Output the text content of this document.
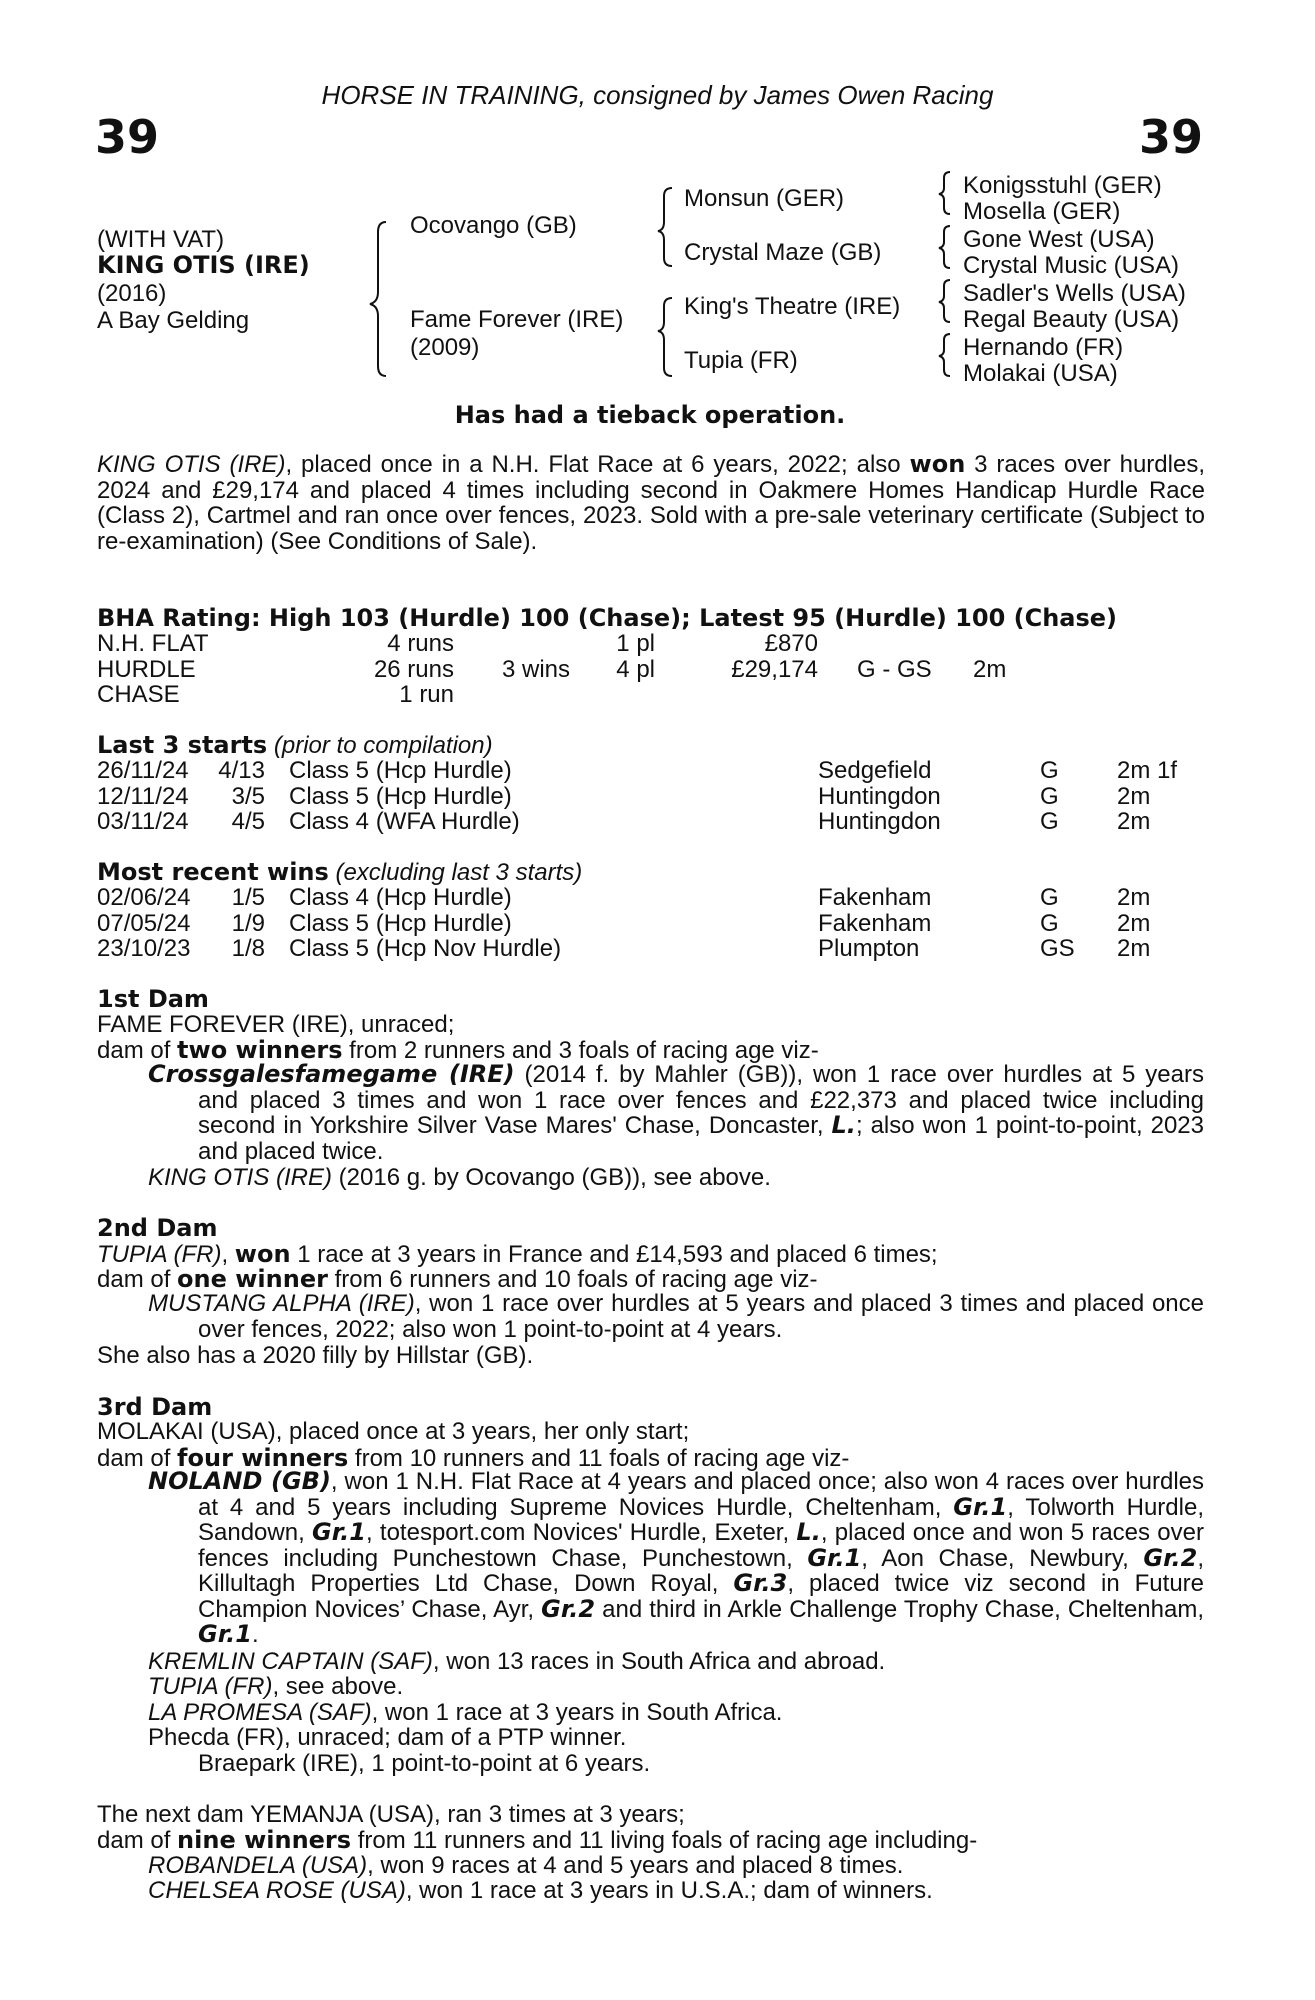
HORSE IN TRAINING, consigned by James Owen Racing
39	39
(WITH VAT)
KING OTIS (IRE)
(2016)
A Bay Gelding
Ocovango (GB)
Fame Forever (IRE)
(2009)
Monsun (GER)
Crystal Maze (GB)
King's Theatre (IRE)
Tupia (FR)
Konigsstuhl (GER)
Mosella (GER)
Gone West (USA)
Crystal Music (USA)
Sadler's Wells (USA)
Regal Beauty (USA)
Hernando (FR)
Molakai (USA)
Has had a tieback operation.
KING OTIS (IRE), placed once in a N.H. Flat Race at 6 years, 2022; also won 3 races over hurdles, 2024 and £29,174 and placed 4 times including second in Oakmere Homes Handicap Hurdle Race (Class 2), Cartmel and ran once over fences, 2023. Sold with a pre-sale veterinary certificate (Subject to re-examination) (See Conditions of Sale).
BHA Rating: High 103 (Hurdle) 100 (Chase); Latest 95 (Hurdle) 100 (Chase)
N.H. FLAT	4 runs	1 pl	£870
HURDLE	26 runs 3 wins 4 pl	£29,174 G - GS 2m
CHASE	1 run
Last 3 starts (prior to compilation)
26/11/24 4/13 Class 5 (Hcp Hurdle)	Sedgefield	G 2m 1f
12/11/24 3/5 Class 5 (Hcp Hurdle)	Huntingdon	G 2m
03/11/24 4/5 Class 4 (WFA Hurdle)	Huntingdon	G 2m
Most recent wins (excluding last 3 starts)
02/06/24 1/5 Class 4 (Hcp Hurdle)	Fakenham	G 2m
07/05/24 1/9 Class 5 (Hcp Hurdle)	Fakenham	G 2m
23/10/23 1/8 Class 5 (Hcp Nov Hurdle)	Plumpton	GS 2m
1st Dam
FAME FOREVER (IRE), unraced;
dam of two winners from 2 runners and 3 foals of racing age viz-
Crossgalesfamegame (IRE) (2014 f. by Mahler (GB)), won 1 race over hurdles at 5 years and placed 3 times and won 1 race over fences and £22,373 and placed twice including second in Yorkshire Silver Vase Mares' Chase, Doncaster, L.; also won 1 point-to-point, 2023 and placed twice.
KING OTIS (IRE) (2016 g. by Ocovango (GB)), see above.
2nd Dam
TUPIA (FR), won 1 race at 3 years in France and £14,593 and placed 6 times;
dam of one winner from 6 runners and 10 foals of racing age viz-
MUSTANG ALPHA (IRE), won 1 race over hurdles at 5 years and placed 3 times and placed once over fences, 2022; also won 1 point-to-point at 4 years.
She also has a 2020 filly by Hillstar (GB).
3rd Dam
MOLAKAI (USA), placed once at 3 years, her only start;
dam of four winners from 10 runners and 11 foals of racing age viz-
NOLAND (GB), won 1 N.H. Flat Race at 4 years and placed once; also won 4 races over hurdles at 4 and 5 years including Supreme Novices Hurdle, Cheltenham, Gr.1, Tolworth Hurdle, Sandown, Gr.1, totesport.com Novices' Hurdle, Exeter, L., placed once and won 5 races over fences including Punchestown Chase, Punchestown, Gr.1, Aon Chase, Newbury, Gr.2, Killultagh Properties Ltd Chase, Down Royal, Gr.3, placed twice viz second in Future Champion Novices’ Chase, Ayr, Gr.2 and third in Arkle Challenge Trophy Chase, Cheltenham, Gr.1.
KREMLIN CAPTAIN (SAF), won 13 races in South Africa and abroad.
TUPIA (FR), see above.
LA PROMESA (SAF), won 1 race at 3 years in South Africa.
Phecda (FR), unraced; dam of a PTP winner.
Braepark (IRE), 1 point-to-point at 6 years.
The next dam YEMANJA (USA), ran 3 times at 3 years;
dam of nine winners from 11 runners and 11 living foals of racing age including-
ROBANDELA (USA), won 9 races at 4 and 5 years and placed 8 times.
CHELSEA ROSE (USA), won 1 race at 3 years in U.S.A.; dam of winners.
